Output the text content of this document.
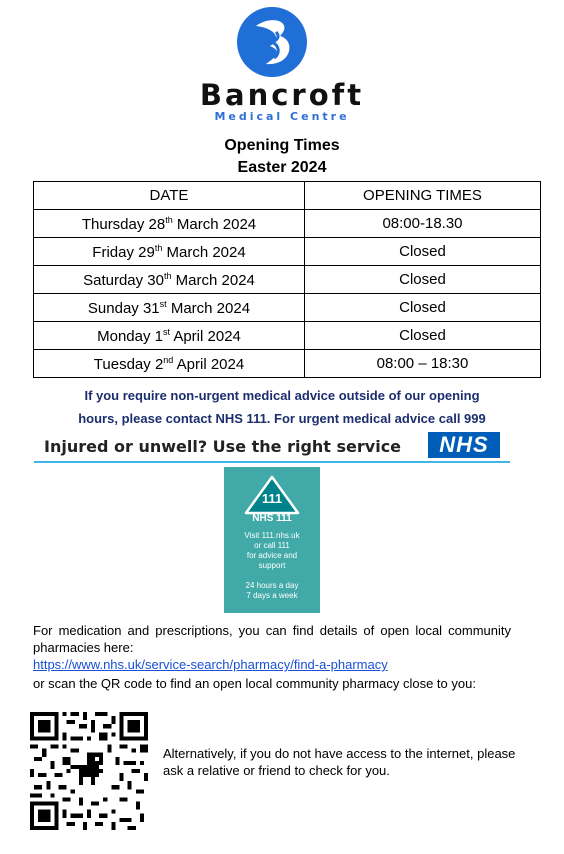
Bancroft
Medical Centre
Opening Times
Easter 2024
DATE	OPENING TIMES
Thursday 28th March 2024	08:00-18.30
Friday 29th March 2024	Closed
Saturday 30th March 2024	Closed
Sunday 31st March 2024	Closed
Monday 1st April 2024	Closed
Tuesday 2nd April 2024	08:00 – 18:30
If you require non-urgent medical advice outside of our opening
hours, please contact NHS 111. For urgent medical advice call 999
Injured or unwell? Use the right service	NHS
111
NHS 111
Visit 111.nhs.uk
or call 111
for advice and
support
24 hours a day
7 days a week
For medication and prescriptions, you can find details of open local community pharmacies here:
https://www.nhs.uk/service-search/pharmacy/find-a-pharmacy
or scan the QR code to find an open local community pharmacy close to you:
Alternatively, if you do not have access to the internet, please ask a relative or friend to check for you.
